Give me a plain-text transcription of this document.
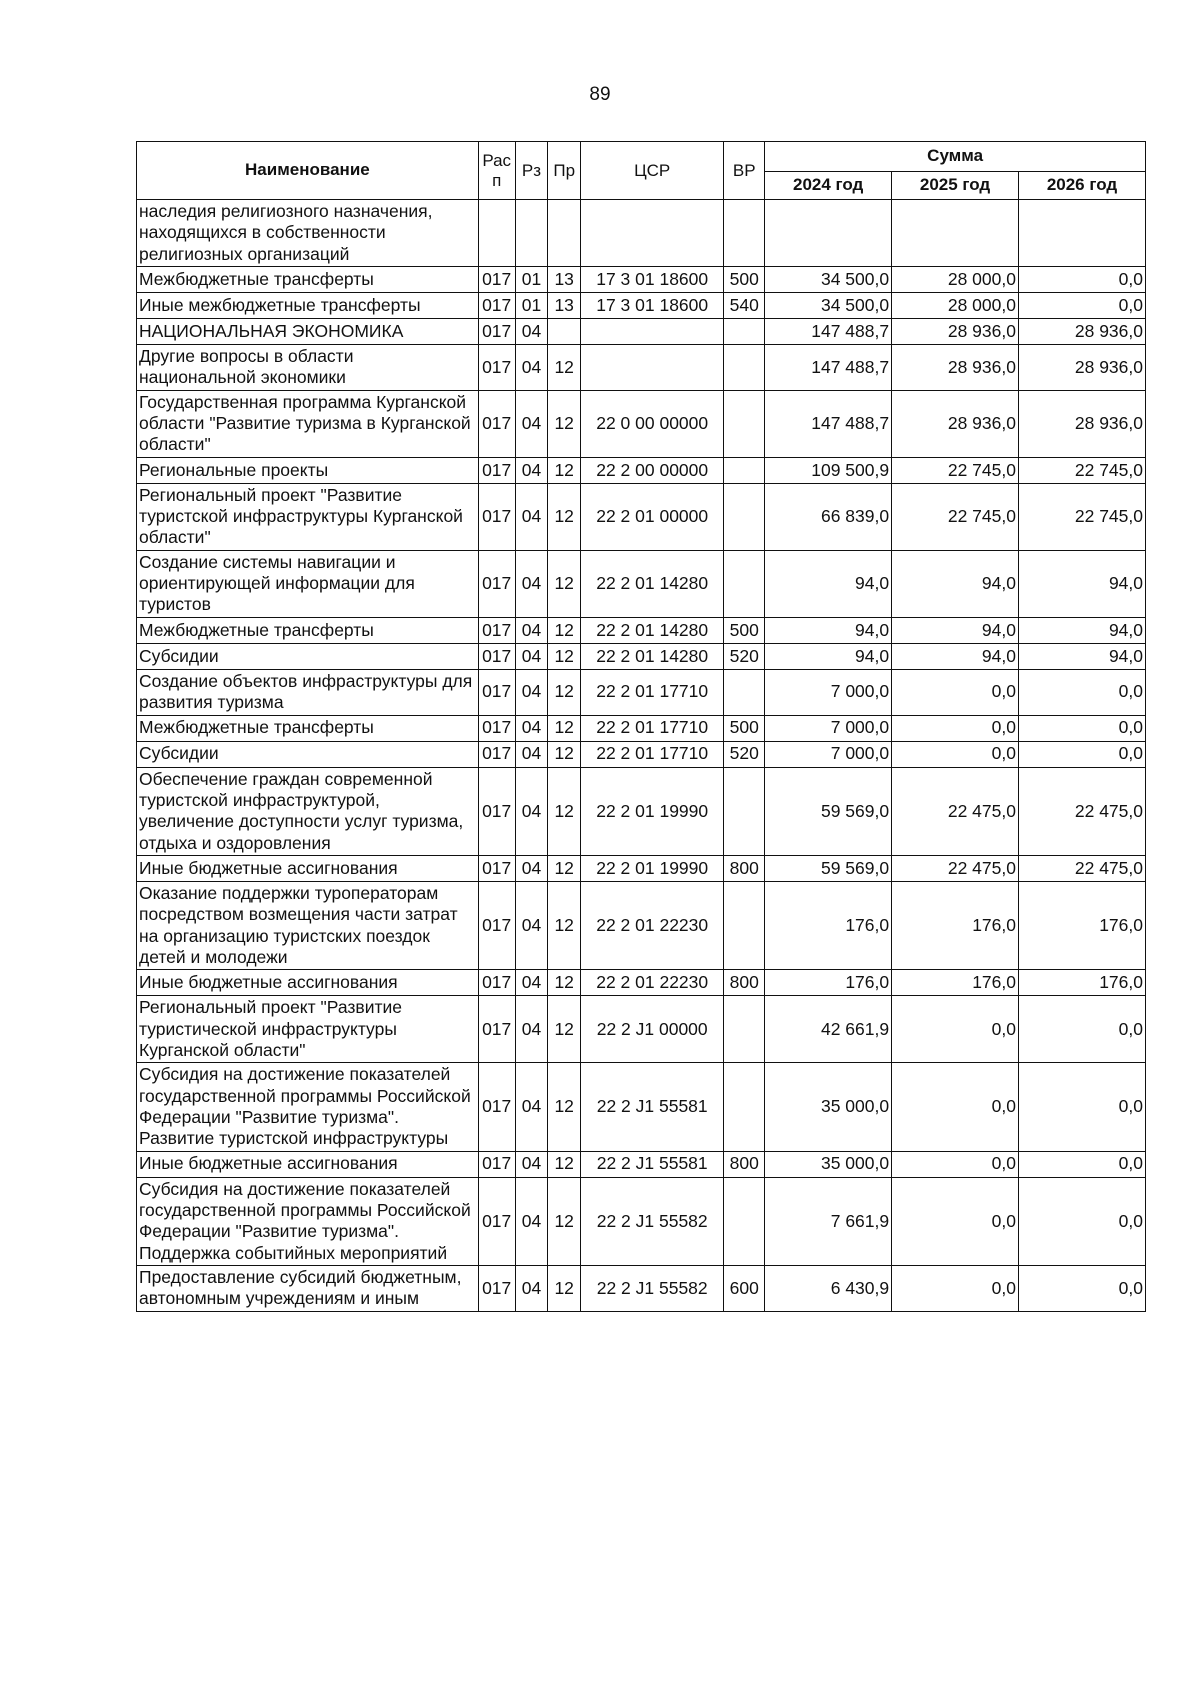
89
Наименование	Рас п	Рз	Пр	ЦСР	ВР	Сумма		
						2024 год	2025 год	2026 год
наследия религиозного назначения, находящихся в собственности религиозных организаций								
Межбюджетные трансферты	017	01	13	17 3 01 18600	500	34 500,0	28 000,0	0,0
Иные межбюджетные трансферты	017	01	13	17 3 01 18600	540	34 500,0	28 000,0	0,0
НАЦИОНАЛЬНАЯ ЭКОНОМИКА	017	04				147 488,7	28 936,0	28 936,0
Другие вопросы в области национальной экономики	017	04	12			147 488,7	28 936,0	28 936,0
Государственная программа Курганской области "Развитие туризма в Курганской области"	017	04	12	22 0 00 00000		147 488,7	28 936,0	28 936,0
Региональные проекты	017	04	12	22 2 00 00000		109 500,9	22 745,0	22 745,0
Региональный проект "Развитие туристской инфраструктуры Курганской области"	017	04	12	22 2 01 00000		66 839,0	22 745,0	22 745,0
Создание системы навигации и ориентирующей информации для туристов	017	04	12	22 2 01 14280		94,0	94,0	94,0
Межбюджетные трансферты	017	04	12	22 2 01 14280	500	94,0	94,0	94,0
Субсидии	017	04	12	22 2 01 14280	520	94,0	94,0	94,0
Создание объектов инфраструктуры для развития туризма	017	04	12	22 2 01 17710		7 000,0	0,0	0,0
Межбюджетные трансферты	017	04	12	22 2 01 17710	500	7 000,0	0,0	0,0
Субсидии	017	04	12	22 2 01 17710	520	7 000,0	0,0	0,0
Обеспечение граждан современной туристской инфраструктурой, увеличение доступности услуг туризма, отдыха и оздоровления	017	04	12	22 2 01 19990		59 569,0	22 475,0	22 475,0
Иные бюджетные ассигнования	017	04	12	22 2 01 19990	800	59 569,0	22 475,0	22 475,0
Оказание поддержки туроператорам посредством возмещения части затрат на организацию туристских поездок детей и молодежи	017	04	12	22 2 01 22230		176,0	176,0	176,0
Иные бюджетные ассигнования	017	04	12	22 2 01 22230	800	176,0	176,0	176,0
Региональный проект "Развитие туристической инфраструктуры Курганской области"	017	04	12	22 2 J1 00000		42 661,9	0,0	0,0
Субсидия на достижение показателей государственной программы Российской Федерации "Развитие туризма". Развитие туристской инфраструктуры	017	04	12	22 2 J1 55581		35 000,0	0,0	0,0
Иные бюджетные ассигнования	017	04	12	22 2 J1 55581	800	35 000,0	0,0	0,0
Субсидия на достижение показателей государственной программы Российской Федерации "Развитие туризма". Поддержка событийных мероприятий	017	04	12	22 2 J1 55582		7 661,9	0,0	0,0
Предоставление субсидий бюджетным, автономным учреждениям и иным	017	04	12	22 2 J1 55582	600	6 430,9	0,0	0,0
